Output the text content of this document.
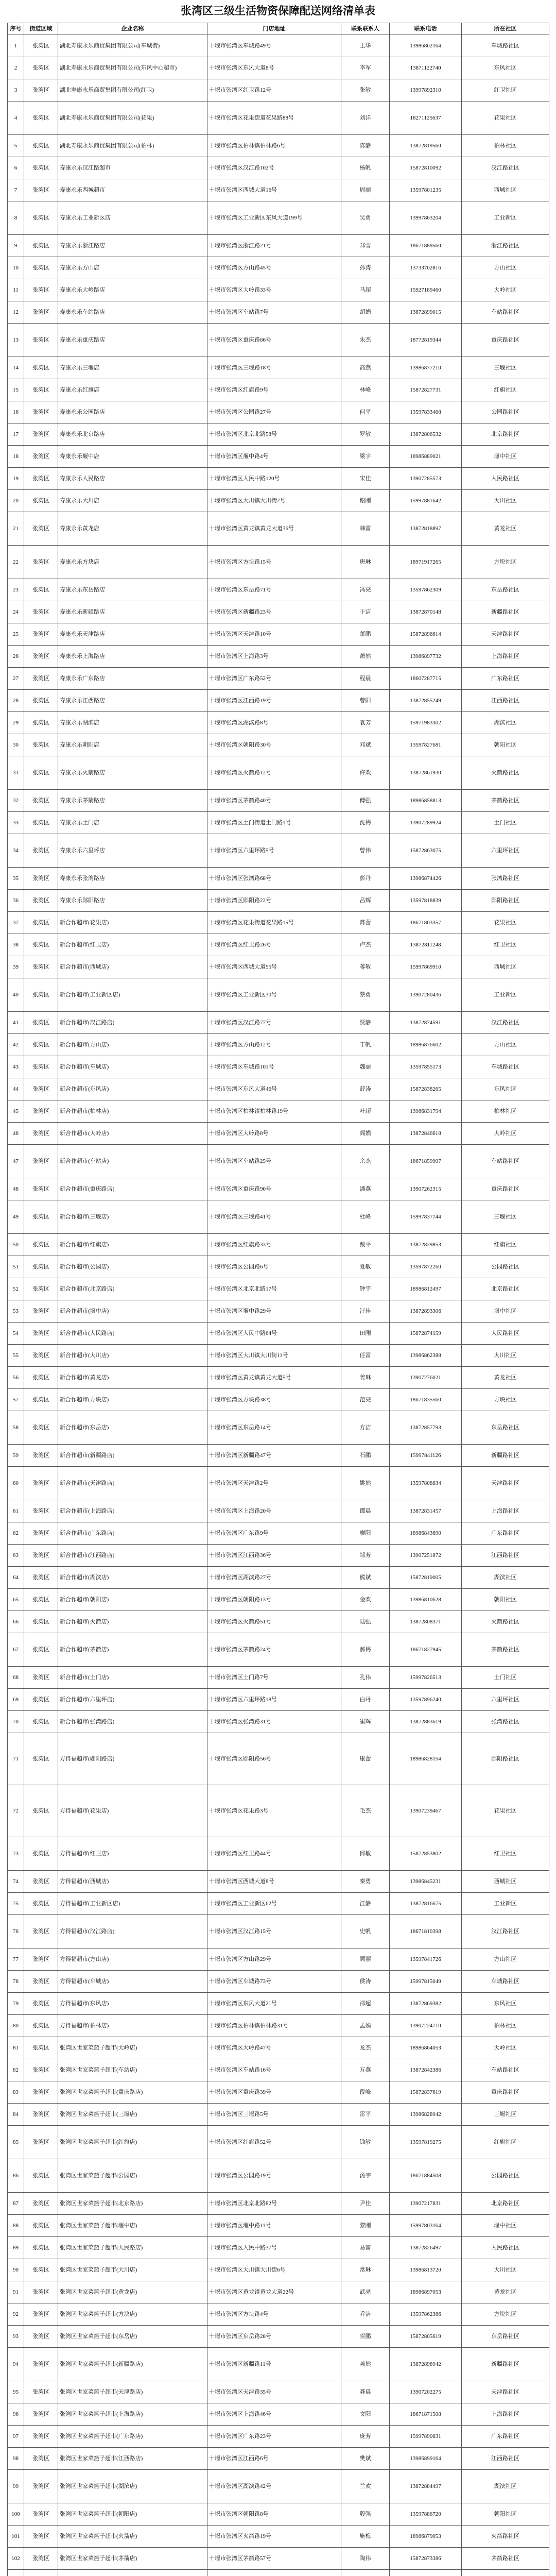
张湾区三级生活物资保障配送网络清单表
序号	街道区域	企业名称	门店地址	联系联系人	联系电话	所在社区
1	张湾区	湖北寿康永乐商贸集团有限公司(车城街)	十堰市张湾区车城路49号	王华	13986802164	车城路社区
2	张湾区	湖北寿康永乐商贸集团有限公司(东风中心超市)	十堰市张湾区东风大道8号	李军	13871122740	东风社区
3	张湾区	湖北寿康永乐商贸集团有限公司(红卫)	十堰市张湾区红卫路12号	张敏	13997892310	红卫社区
4	张湾区	湖北寿康永乐商贸集团有限公司(花果)	十堰市张湾区花果街道花果路88号	刘洋	18271125637	花果社区
5	张湾区	湖北寿康永乐商贸集团有限公司(柏林)	十堰市张湾区柏林镇柏林路6号	陈静	13872819560	柏林社区
6	张湾区	寿康永乐汉江路超市	十堰市张湾区汉江路102号	杨帆	15872810092	汉江路社区
7	张湾区	寿康永乐西城超市	十堰市张湾区西城大道16号	周丽	13597801235	西城社区
8	张湾区	寿康永乐工业新区店	十堰市张湾区工业新区东风大道199号	吴勇	13997863204	工业新区
9	张湾区	寿康永乐浙江路店	十堰市张湾区浙江路21号	郑雪	18671889560	浙江路社区
10	张湾区	寿康永乐方山店	十堰市张湾区方山路45号	孙涛	13733702816	方山社区
11	张湾区	寿康永乐大岭路店	十堰市张湾区大岭路33号	马超	15927189460	大岭社区
12	张湾区	寿康永乐车站路店	十堰市张湾区车站路7号	胡娟	13872899015	车站路社区
13	张湾区	寿康永乐重庆路店	十堰市张湾区重庆路66号	朱杰	18772819344	重庆路社区
14	张湾区	寿康永乐三堰店	十堰市张湾区三堰路18号	高燕	13986877210	三堰社区
15	张湾区	寿康永乐红旗店	十堰市张湾区红旗路9号	林峰	15872827731	红旗社区
16	张湾区	寿康永乐公园路店	十堰市张湾区公园路27号	何平	13597833468	公园路社区
17	张湾区	寿康永乐北京路店	十堰市张湾区北京北路58号	罗敏	13872806532	北京路社区
18	张湾区	寿康永乐堰中店	十堰市张湾区堰中路4号	梁宇	18986889021	堰中社区
19	张湾区	寿康永乐人民路店	十堰市张湾区人民中路120号	宋佳	13907285573	人民路社区
20	张湾区	寿康永乐大川店	十堰市张湾区大川镇大川街2号	谢刚	15997881642	大川社区
21	张湾区	寿康永乐黄龙店	十堰市张湾区黄龙镇黄龙大道36号	韩雷	13872818897	黄龙社区
22	张湾区	寿康永乐方块店	十堰市张湾区方块路15号	唐琳	18971917265	方块社区
23	张湾区	寿康永乐东岳路店	十堰市张湾区东岳路71号	冯亮	13597862309	东岳路社区
24	张湾区	寿康永乐新疆路店	十堰市张湾区新疆路23号	于洁	13872870148	新疆路社区
25	张湾区	寿康永乐天津路店	十堰市张湾区天津路10号	董鹏	15872896614	天津路社区
26	张湾区	寿康永乐上海路店	十堰市张湾区上海路3号	萧然	13986897732	上海路社区
27	张湾区	寿康永乐广东路店	十堰市张湾区广东路52号	程晨	18607287715	广东路社区
28	张湾区	寿康永乐江西路店	十堰市张湾区江西路19号	曹阳	13872855249	江西路社区
29	张湾区	寿康永乐湖滨店	十堰市张湾区湖滨路8号	袁芳	15971983302	湖滨社区
30	张湾区	寿康永乐朝阳店	十堰市张湾区朝阳路30号	邓斌	13597827681	朝阳社区
31	张湾区	寿康永乐火箭路店	十堰市张湾区火箭路12号	许欢	13872861930	火箭路社区
32	张湾区	寿康永乐茅箭路店	十堰市张湾区茅箭路40号	傅强	18986858813	茅箭路社区
33	张湾区	寿康永乐土门店	十堰市张湾区土门街道土门路1号	沈梅	13907289924	土门社区
34	张湾区	寿康永乐六里坪店	十堰市张湾区六里坪路5号	曾伟	15872863075	六里坪社区
35	张湾区	寿康永乐张湾路店	十堰市张湾区张湾路68号	彭丹	13986874426	张湾路社区
36	张湾区	寿康永乐郧阳路店	十堰市张湾区郧阳路22号	吕辉	13597818839	郧阳路社区
37	张湾区	新合作超市(花果店)	十堰市张湾区花果街道花果路15号	苏蕾	18671803357	花果社区
38	张湾区	新合作超市(红卫店)	十堰市张湾区红卫路26号	卢杰	13872811248	红卫社区
39	张湾区	新合作超市(西城店)	十堰市张湾区西城大道55号	蒋敏	15997869910	西城社区
40	张湾区	新合作超市(工业新区店)	十堰市张湾区工业新区30号	蔡勇	13907280436	工业新区
41	张湾区	新合作超市(汉江路店)	十堰市张湾区汉江路77号	贾静	13872874591	汉江路社区
42	张湾区	新合作超市(方山店)	十堰市张湾区方山路12号	丁帆	18986876602	方山社区
43	张湾区	新合作超市(车城店)	十堰市张湾区车城路101号	魏丽	13597855173	车城路社区
44	张湾区	新合作超市(东风店)	十堰市张湾区东风大道46号	薛涛	15872838265	东风社区
45	张湾区	新合作超市(柏林店)	十堰市张湾区柏林镇柏林路19号	叶超	13986831794	柏林社区
46	张湾区	新合作超市(大岭店)	十堰市张湾区大岭路8号	阎娟	13872846618	大岭社区
47	张湾区	新合作超市(车站店)	十堰市张湾区车站路25号	余杰	18671859907	车站路社区
48	张湾区	新合作超市(重庆路店)	十堰市张湾区重庆路90号	潘燕	13907262315	重庆路社区
49	张湾区	新合作超市(三堰店)	十堰市张湾区三堰路41号	杜峰	15997837744	三堰社区
50	张湾区	新合作超市(红旗店)	十堰市张湾区红旗路33号	戴平	13872829853	红旗社区
51	张湾区	新合作超市(公园店)	十堰市张湾区公园路6号	夏敏	13597872260	公园路社区
52	张湾区	新合作超市(北京路店)	十堰市张湾区北京北路17号	钟宇	18986812497	北京路社区
53	张湾区	新合作超市(堰中店)	十堰市张湾区堰中路29号	汪佳	13872893306	堰中社区
54	张湾区	新合作超市(人民路店)	十堰市张湾区人民中路64号	田刚	15872874159	人民路社区
55	张湾区	新合作超市(大川店)	十堰市张湾区大川镇大川街11号	任雷	13986862388	大川社区
56	张湾区	新合作超市(黄龙店)	十堰市张湾区黄龙镇黄龙大道5号	姜琳	13907276021	黄龙社区
57	张湾区	新合作超市(方块店)	十堰市张湾区方块路38号	范亮	18671835560	方块社区
58	张湾区	新合作超市(东岳店)	十堰市张湾区东岳路14号	方洁	13872857793	东岳路社区
59	张湾区	新合作超市(新疆路店)	十堰市张湾区新疆路47号	石鹏	15997841126	新疆路社区
60	张湾区	新合作超市(天津路店)	十堰市张湾区天津路2号	姚然	13597808834	天津路社区
61	张湾区	新合作超市(上海路店)	十堰市张湾区上海路20号	谭晨	13872831457	上海路社区
62	张湾区	新合作超市(广东路店)	十堰市张湾区广东路9号	廖阳	18986843690	广东路社区
63	张湾区	新合作超市(江西路店)	十堰市张湾区江西路36号	邹芳	13907251872	江西路社区
64	张湾区	新合作超市(湖滨店)	十堰市张湾区湖滨路27号	熊斌	15872819005	湖滨社区
65	张湾区	新合作超市(朝阳店)	十堰市张湾区朝阳路13号	金欢	13986810628	朝阳社区
66	张湾区	新合作超市(火箭店)	十堰市张湾区火箭路51号	陆强	13872808371	火箭路社区
67	张湾区	新合作超市(茅箭店)	十堰市张湾区茅箭路24号	郝梅	18671827945	茅箭路社区
68	张湾区	新合作超市(土门店)	十堰市张湾区土门路7号	孔伟	15997826513	土门社区
69	张湾区	新合作超市(六里坪店)	十堰市张湾区六里坪路18号	白丹	13597896240	六里坪社区
70	张湾区	新合作超市(张湾路店)	十堰市张湾区张湾路31号	崔辉	13872883619	张湾路社区
71	张湾区	方得福超市(郧阳路店)	十堰市张湾区郧阳路56号	康蕾	18986828154	郧阳路社区
72	张湾区	方得福超市(花果店)	十堰市张湾区花果路3号	毛杰	13907239467	花果社区
73	张湾区	方得福超市(红卫店)	十堰市张湾区红卫路44号	邱敏	15872853802	红卫社区
74	张湾区	方得福超市(西城店)	十堰市张湾区西城大道8号	秦勇	13986845231	西城社区
75	张湾区	方得福超市(工业新区店)	十堰市张湾区工业新区62号	江静	13872816675	工业新区
76	张湾区	方得福超市(汉江路店)	十堰市张湾区汉江路15号	史帆	18671810398	汉江路社区
77	张湾区	方得福超市(方山店)	十堰市张湾区方山路29号	顾丽	13597841726	方山社区
78	张湾区	方得福超市(车城店)	十堰市张湾区车城路73号	侯涛	15997815049	车城路社区
79	张湾区	方得福超市(东风店)	十堰市张湾区东风大道21号	邵超	13872869382	东风社区
80	张湾区	方得福超市(柏林店)	十堰市张湾区柏林镇柏林路31号	孟娟	13907224710	柏林社区
81	张湾区	张湾区世家菜篮子超市(大岭店)	十堰市张湾区大岭路47号	龙杰	18986864053	大岭社区
82	张湾区	张湾区世家菜篮子超市(车站店)	十堰市张湾区车站路16号	万燕	13872842386	车站路社区
83	张湾区	张湾区世家菜篮子超市(重庆路店)	十堰市张湾区重庆路39号	段峰	15872837619	重庆路社区
84	张湾区	张湾区世家菜篮子超市(三堰店)	十堰市张湾区三堰路5号	雷平	13986828942	三堰社区
85	张湾区	张湾区世家菜篮子超市(红旗店)	十堰市张湾区红旗路52号	钱敏	13597819275	红旗社区
86	张湾区	张湾区世家菜篮子超市(公园店)	十堰市张湾区公园路19号	汤宇	18671884508	公园路社区
87	张湾区	张湾区世家菜篮子超市(北京路店)	十堰市张湾区北京北路82号	尹佳	13907217831	北京路社区
88	张湾区	张湾区世家菜篮子超市(堰中店)	十堰市张湾区堰中路11号	黎刚	15997803164	堰中社区
89	张湾区	张湾区世家菜篮子超市(人民路店)	十堰市张湾区人民中路37号	易雷	13872826497	人民路社区
90	张湾区	张湾区世家菜篮子超市(大川店)	十堰市张湾区大川镇大川街6号	常琳	13986813720	大川社区
91	张湾区	张湾区世家菜篮子超市(黄龙店)	十堰市张湾区黄龙镇黄龙大道22号	武亮	18986897053	黄龙社区
92	张湾区	张湾区世家菜篮子超市(方块店)	十堰市张湾区方块路4号	乔洁	13597862386	方块社区
93	张湾区	张湾区世家菜篮子超市(东岳店)	十堰市张湾区东岳路28号	贺鹏	15872805619	东岳路社区
94	张湾区	张湾区世家菜篮子超市(新疆路店)	十堰市张湾区新疆路11号	赖然	13872898942	新疆路社区
95	张湾区	张湾区世家菜篮子超市(天津路店)	十堰市张湾区天津路35号	龚晨	13907202275	天津路社区
96	张湾区	张湾区世家菜篮子超市(上海路店)	十堰市张湾区上海路46号	文阳	18671871508	上海路社区
97	张湾区	张湾区世家菜篮子超市(广东路店)	十堰市张湾区广东路23号	庞芳	15997890831	广东路社区
98	张湾区	张湾区世家菜篮子超市(江西路店)	十堰市张湾区江西路6号	樊斌	13986899164	江西路社区
99	张湾区	张湾区世家菜篮子超市(湖滨店)	十堰市张湾区湖滨路42号	兰欢	13872884497	湖滨社区
100	张湾区	张湾区世家菜篮子超市(朝阳店)	十堰市张湾区朝阳路8号	殷强	13597886720	朝阳社区
101	张湾区	张湾区世家菜篮子超市(火箭店)	十堰市张湾区火箭路19号	施梅	18986879053	火箭路社区
102	张湾区	张湾区世家菜篮子超市(茅箭店)	十堰市张湾区茅箭路57号	陶伟	15872873386	茅箭路社区
